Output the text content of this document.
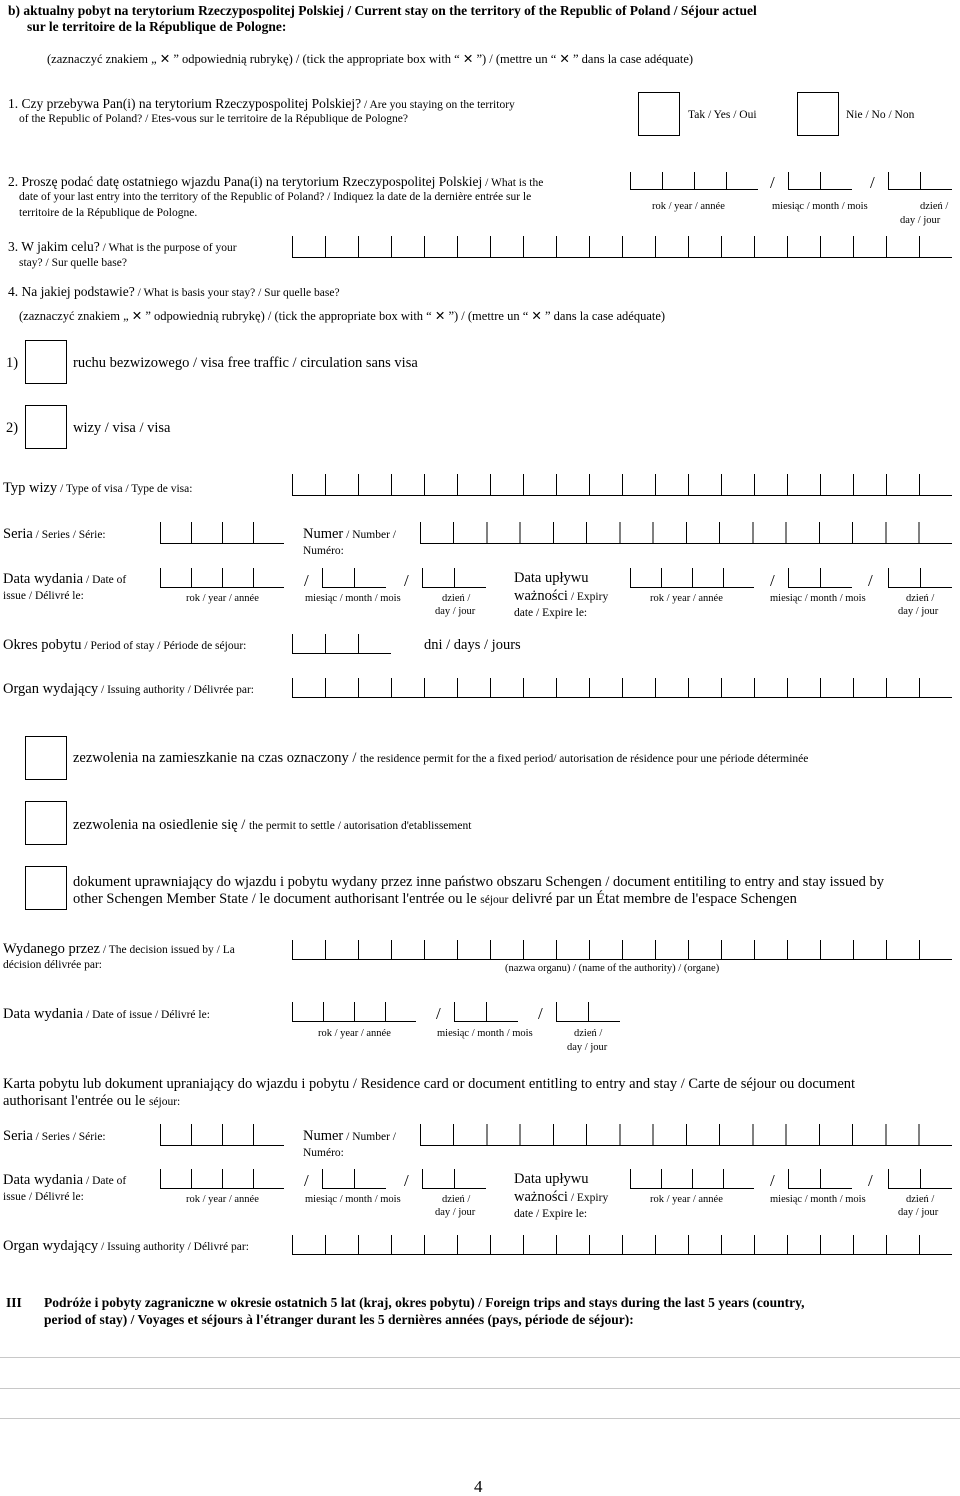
b) aktualny pobyt na terytorium Rzeczypospolitej Polskiej / Current stay on the territory of the Republic of Poland / Séjour actuel
sur le territoire de la République de Pologne:
(zaznaczyć znakiem „ ✕ ” odpowiednią rubrykę) / (tick the appropriate box with “ ✕ ”) / (mettre un “ ✕ ” dans la case adéquate)
1. Czy przebywa Pan(i) na terytorium Rzeczypospolitej Polskiej? / Are you staying on the territory
of the Republic of Poland? / Etes-vous sur le territoire de la République de Pologne?	Tak / Yes / Oui	Nie / No / Non
2. Proszę podać datę ostatniego wjazdu Pana(i) na terytorium Rzeczypospolitej Polskiej / What is the
date of your last entry into the territory of the Republic of Poland? / Indiquez la date de la dernière entrée sur le
territoire de la République de Pologne.
/	/
rok / year / année	miesiąc / month / mois	dzień /
day / jour
3. W jakim celu? / What is the purpose of your
stay? / Sur quelle base?
4. Na jakiej podstawie? / What is basis your stay? / Sur quelle base?
(zaznaczyć znakiem „ ✕ ” odpowiednią rubrykę) / (tick the appropriate box with “ ✕ ”) / (mettre un “ ✕ ” dans la case adéquate)
1)	ruchu bezwizowego / visa free traffic / circulation sans visa
2)	wizy / visa / visa
Typ wizy / Type of visa / Type de visa:
Seria / Series / Série:	Numer / Number /
Numéro:
Data wydania / Date of
issue / Délivré le:
/	/
rok / year / année	miesiąc / month / mois	dzień /
day / jour
Data upływu
ważności / Expiry
date / Expire le:
/	/
rok / year / année	miesiąc / month / mois	dzień /
day / jour
Okres pobytu / Period of stay / Période de séjour:	dni / days / jours
Organ wydający / Issuing authority / Délivrée par:
zezwolenia na zamieszkanie na czas oznaczony / the residence permit for the a fixed period/ autorisation de résidence pour une période déterminée
zezwolenia na osiedlenie się / the permit to settle / autorisation d'etablissement
dokument uprawniający do wjazdu i pobytu wydany przez inne państwo obszaru Schengen / document entitiling to entry and stay issued by
other Schengen Member State / le document authorisant l'entrée ou le séjour delivré par un État membre de l'espace Schengen
Wydanego przez / The decision issued by / La
décision délivrée par:	(nazwa organu) / (name of the authority) / (organe)
Data wydania / Date of issue / Délivré le:	/	/
rok / year / année	miesiąc / month / mois	dzień /
day / jour
Karta pobytu lub dokument upraniający do wjazdu i pobytu / Residence card or document entitling to entry and stay / Carte de séjour ou document
authorisant l'entrée ou le séjour:
Seria / Series / Série:	Numer / Number /
Numéro:
Data wydania / Date of
issue / Délivré le:
/	/
rok / year / année	miesiąc / month / mois	dzień /
day / jour
Data upływu
ważności / Expiry
date / Expire le:
/	/
rok / year / année	miesiąc / month / mois	dzień /
day / jour
Organ wydający / Issuing authority / Délivré par:
III Podróże i pobyty zagraniczne w okresie ostatnich 5 lat (kraj, okres pobytu) / Foreign trips and stays during the last 5 years (country,
period of stay) / Voyages et séjours à l'étranger durant les 5 dernières années (pays, période de séjour):
4
